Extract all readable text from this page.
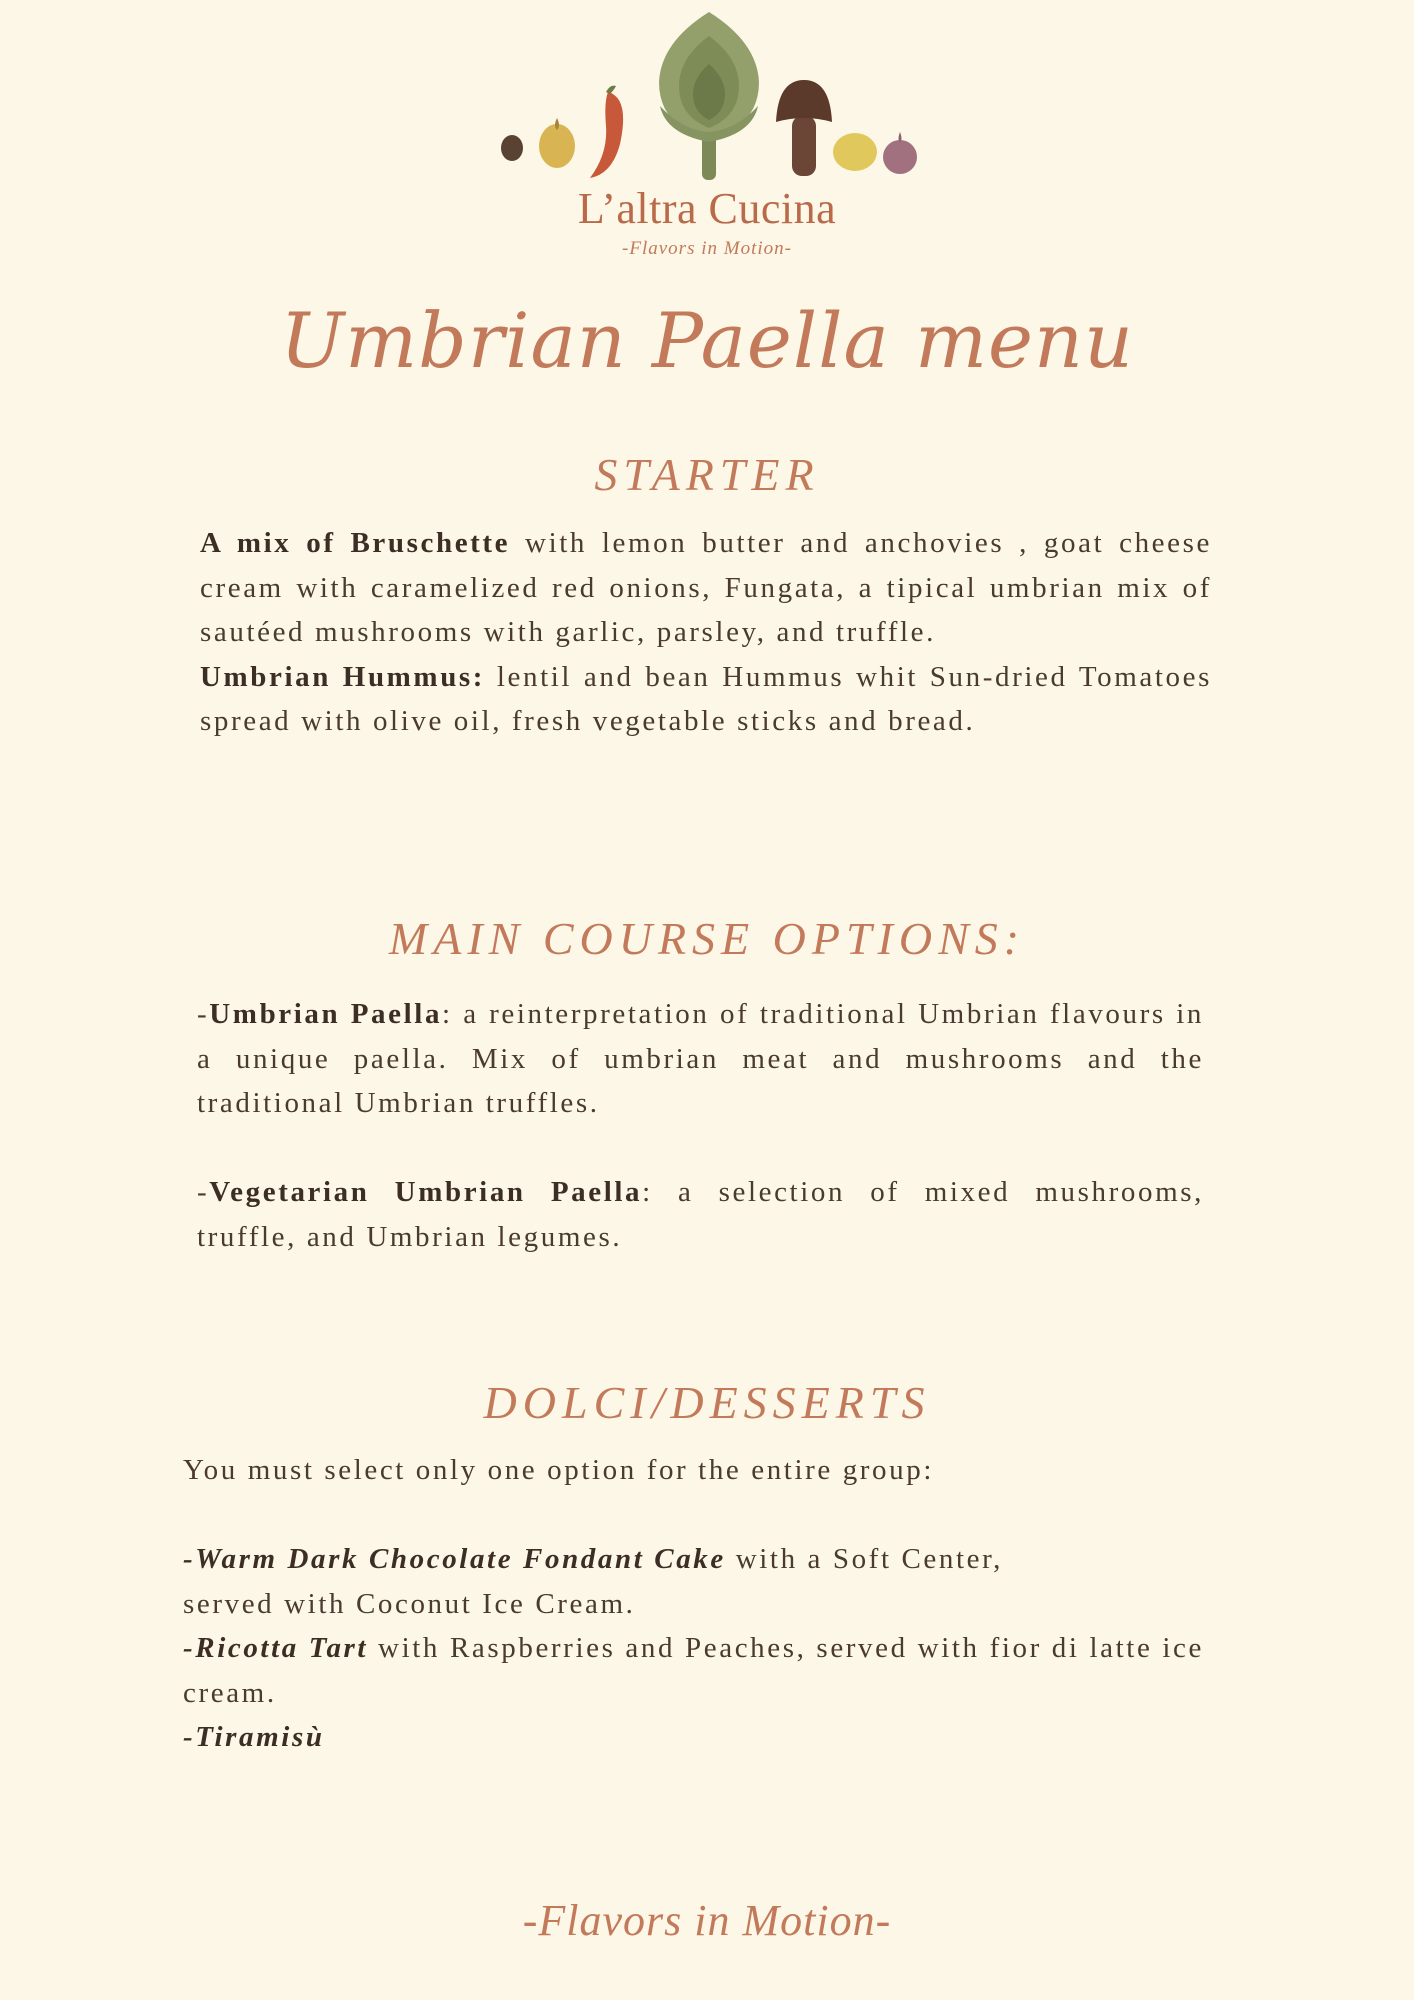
L’altra Cucina
-Flavors in Motion-
Umbrian Paella menu
STARTER

A mix of Bruschette with lemon butter and anchovies , goat cheese cream with caramelized red onions, Fungata, a tipical umbrian mix of sautéed mushrooms with garlic, parsley, and truffle.

Umbrian Hummus: lentil and bean Hummus whit Sun-dried Tomatoes spread with olive oil, fresh vegetable sticks and bread.

MAIN COURSE OPTIONS:

-Umbrian Paella: a reinterpretation of traditional Umbrian flavours in a unique paella. Mix of umbrian meat and mushrooms and the traditional Umbrian truffles.

-Vegetarian Umbrian Paella: a selection of mixed mushrooms, truffle, and Umbrian legumes.

DOLCI/DESSERTS

You must select only one option for the entire group:

-Warm Dark Chocolate Fondant Cake with a Soft Center,

served with Coconut Ice Cream.

-Ricotta Tart with Raspberries and Peaches, served with fior di latte ice cream.

-Tiramisù

-Flavors in Motion-
